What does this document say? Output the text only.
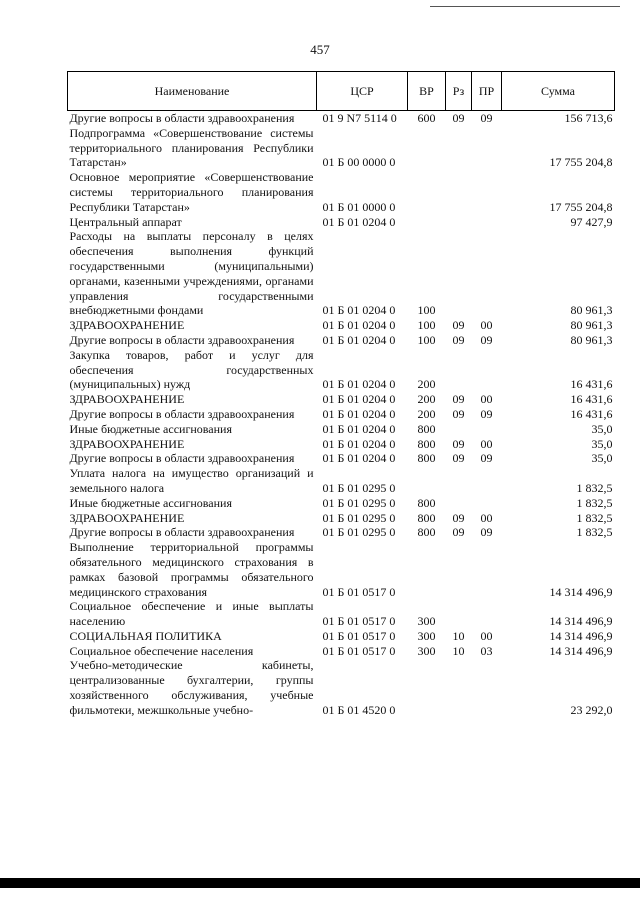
457
Наименование	ЦСР	ВР	Рз	ПР	Сумма
Другие вопросы в области здравоохранения	01 9 N7 5114 0	600	09	09	156 713,6
Подпрограмма «Совершенствование системы территориального планирования Республики Татарстан»	01 Б 00 0000 0				17 755 204,8
Основное мероприятие «Совершенствование системы территориального планирования Республики Татарстан»	01 Б 01 0000 0				17 755 204,8
Центральный аппарат	01 Б 01 0204 0				97 427,9
Расходы на выплаты персоналу в целях обеспечения выполнения функций государственными (муниципальными) органами, казенными учреждениями, органами управления государственными внебюджетными фондами	01 Б 01 0204 0	100			80 961,3
ЗДРАВООХРАНЕНИЕ	01 Б 01 0204 0	100	09	00	80 961,3
Другие вопросы в области здравоохранения	01 Б 01 0204 0	100	09	09	80 961,3
Закупка товаров, работ и услуг для обеспечения государственных (муниципальных) нужд	01 Б 01 0204 0	200			16 431,6
ЗДРАВООХРАНЕНИЕ	01 Б 01 0204 0	200	09	00	16 431,6
Другие вопросы в области здравоохранения	01 Б 01 0204 0	200	09	09	16 431,6
Иные бюджетные ассигнования	01 Б 01 0204 0	800			35,0
ЗДРАВООХРАНЕНИЕ	01 Б 01 0204 0	800	09	00	35,0
Другие вопросы в области здравоохранения	01 Б 01 0204 0	800	09	09	35,0
Уплата налога на имущество организаций и земельного налога	01 Б 01 0295 0				1 832,5
Иные бюджетные ассигнования	01 Б 01 0295 0	800			1 832,5
ЗДРАВООХРАНЕНИЕ	01 Б 01 0295 0	800	09	00	1 832,5
Другие вопросы в области здравоохранения	01 Б 01 0295 0	800	09	09	1 832,5
Выполнение территориальной программы обязательного медицинского страхования в рамках базовой программы обязательного медицинского страхования	01 Б 01 0517 0				14 314 496,9
Социальное обеспечение и иные выплаты населению	01 Б 01 0517 0	300			14 314 496,9
СОЦИАЛЬНАЯ ПОЛИТИКА	01 Б 01 0517 0	300	10	00	14 314 496,9
Социальное обеспечение населения	01 Б 01 0517 0	300	10	03	14 314 496,9
Учебно-методические кабинеты, централизованные бухгалтерии, группы хозяйственного обслуживания, учебные фильмотеки, межшкольные учебно-	01 Б 01 4520 0				23 292,0
